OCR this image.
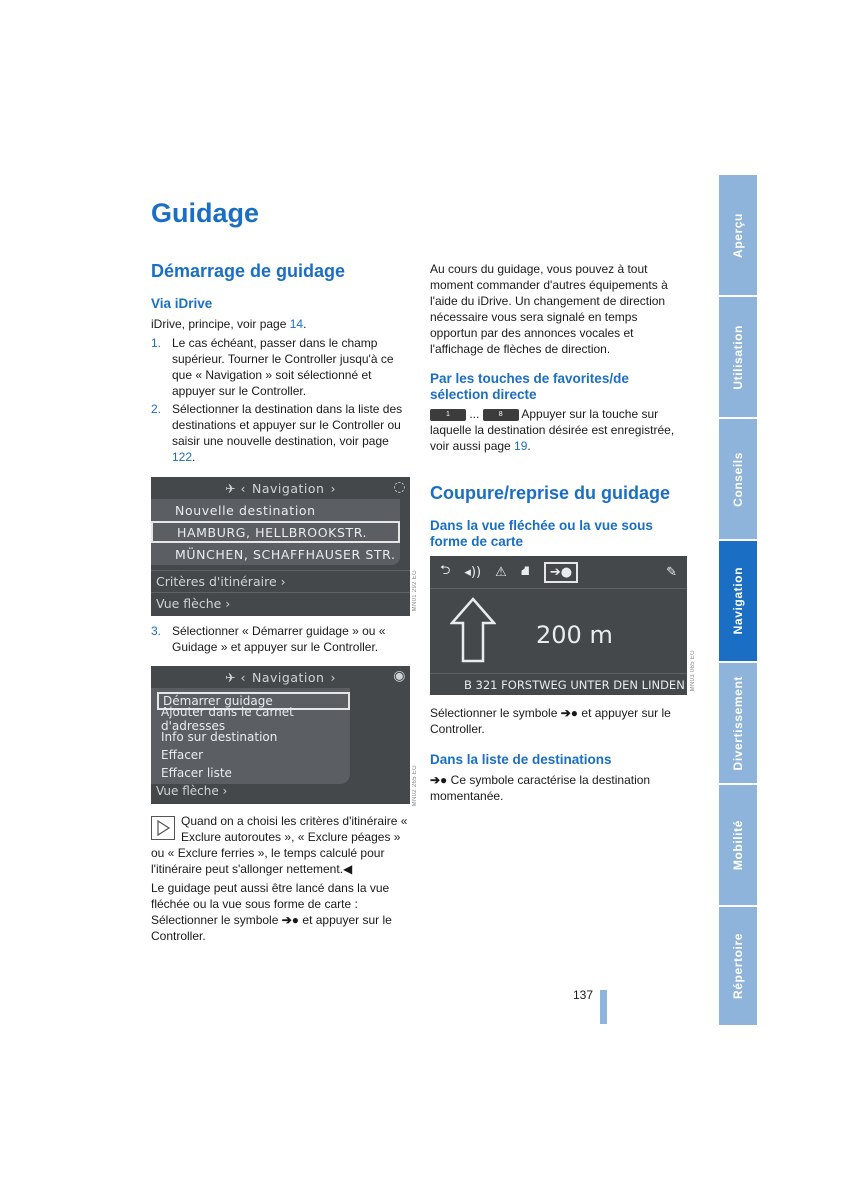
Guidage
Démarrage de guidage
Via iDrive
iDrive, principe, voir page 14.
1. Le cas échéant, passer dans le champ supérieur. Tourner le Controller jusqu'à ce que « Navigation » soit sélectionné et appuyer sur le Controller.
2. Sélectionner la destination dans la liste des destinations et appuyer sur le Controller ou saisir une nouvelle destination, voir page 122.
✈ ‹ Navigation ›	◌
Nouvelle destination
HAMBURG, HELLBROOKSTR.
MÜNCHEN, SCHAFFHAUSER STR.
Critères d'itinéraire ›
Vue flèche ›	MN01 292 EG
3. Sélectionner « Démarrer guidage » ou « Guidage » et appuyer sur le Controller.
✈ ‹ Navigation ›	◉
Démarrer guidage
Ajouter dans le carnet d'adresses
Info sur destination
Effacer
Effacer liste
Vue flèche ›	MN02 265 EG
Quand on a choisi les critères d'itinéraire « Exclure autoroutes », « Exclure péages » ou « Exclure ferries », le temps calculé pour l'itinéraire peut s'allonger nettement.◀
Le guidage peut aussi être lancé dans la vue fléchée ou la vue sous forme de carte : Sélectionner le symbole ➔● et appuyer sur le Controller.
Au cours du guidage, vous pouvez à tout moment commander d'autres équipements à l'aide du iDrive. Un changement de direction nécessaire vous sera signalé en temps opportun par des annonces vocales et l'affichage de flèches de direction.
Par les touches de favorites/de sélection directe
1 ...	8 Appuyer sur la touche sur laquelle la destination désirée est enregistrée, voir aussi page 19.
Coupure/reprise du guidage
Dans la vue fléchée ou la vue sous forme de carte
⮌ ◂)) ⚠ ⛘	➔●	✎
200 m
B 321 FORSTWEG UNTER DEN LINDEN MN03 065 EG
Sélectionner le symbole ➔● et appuyer sur le Controller.
Dans la liste de destinations
➔● Ce symbole caractérise la destination momentanée.
137
Aperçu
Utilisation
Conseils
Navigation
Divertissement
Mobilité
Répertoire
